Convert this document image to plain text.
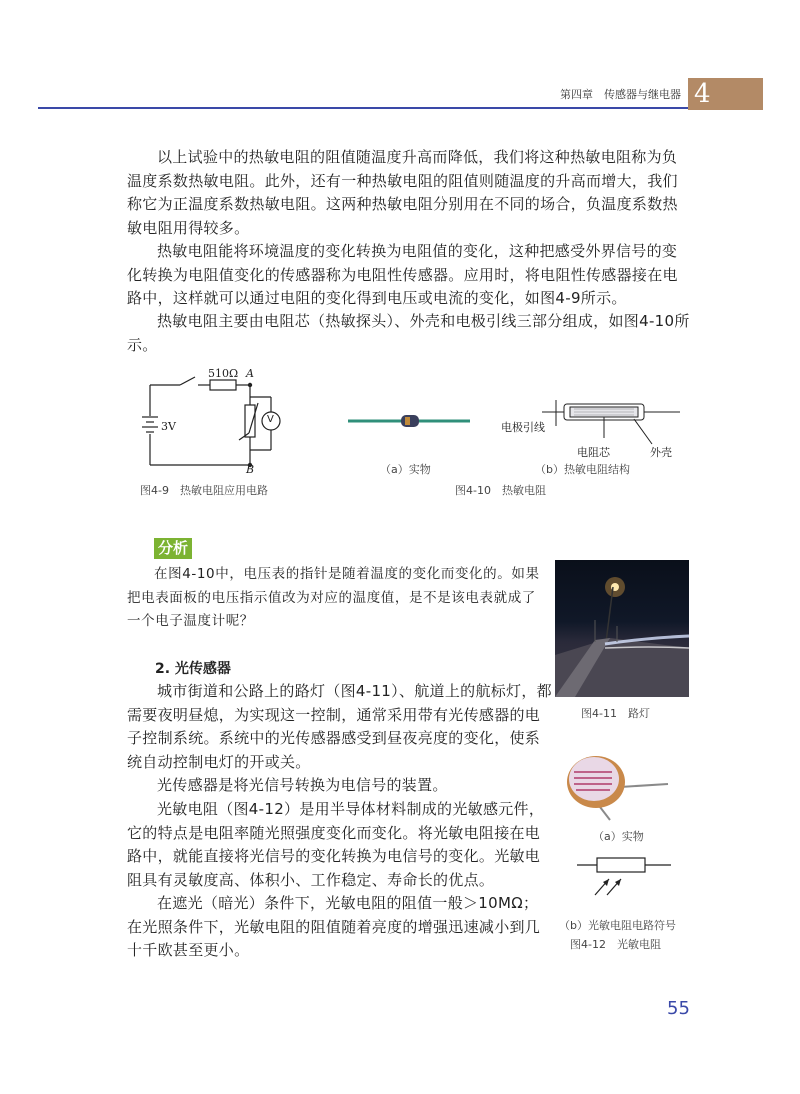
第四章　传感器与继电器 4

以上试验中的热敏电阻的阻值随温度升高而降低，我们将这种热敏电阻称为负温度系数热敏电阻。此外，还有一种热敏电阻的阻值则随温度的升高而增大，我们称它为正温度系数热敏电阻。这两种热敏电阻分别用在不同的场合，负温度系数热敏电阻用得较多。

热敏电阻能将环境温度的变化转换为电阻值的变化，这种把感受外界信号的变化转换为电阻值变化的传感器称为电阻性传感器。应用时，将电阻性传感器接在电路中，这样就可以通过电阻的变化得到电压或电流的变化，如图4-9所示。

热敏电阻主要由电阻芯（热敏探头）、外壳和电极引线三部分组成，如图4-10所示。

510Ω A
3V
V
B
图4-9　热敏电阻应用电路
（a）实物
电极引线
电阻芯	外壳
（b）热敏电阻结构
图4-10　热敏电阻
分析

在图4-10中，电压表的指针是随着温度的变化而变化的。如果把电表面板的电压指示值改为对应的温度值，是不是该电表就成了一个电子温度计呢？

2. 光传感器

城市街道和公路上的路灯（图4-11）、航道上的航标灯，都需要夜明昼熄，为实现这一控制，通常采用带有光传感器的电子控制系统。系统中的光传感器感受到昼夜亮度的变化，使系统自动控制电灯的开或关。

光传感器是将光信号转换为电信号的装置。

光敏电阻（图4-12）是用半导体材料制成的光敏感元件，它的特点是电阻率随光照强度变化而变化。将光敏电阻接在电路中，就能直接将光信号的变化转换为电信号的变化。光敏电阻具有灵敏度高、体积小、工作稳定、寿命长的优点。

在遮光（暗光）条件下，光敏电阻的阻值一般＞10MΩ；在光照条件下，光敏电阻的阻值随着亮度的增强迅速减小到几十千欧甚至更小。

图4-11　路灯
（a）实物
（b）光敏电阻电路符号
图4-12　光敏电阻
55
